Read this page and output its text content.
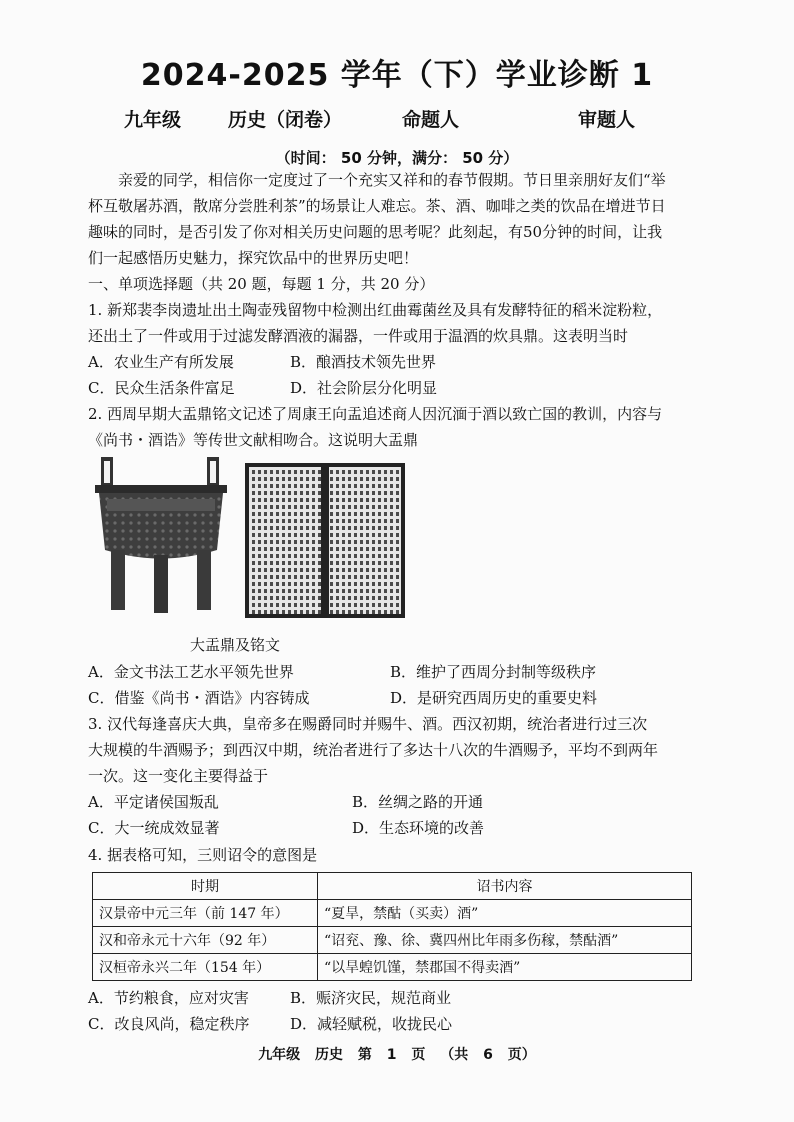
2024-2025 学年（下）学业诊断 1
九年级 历史（闭卷）	命题人	审题人
（时间： 50 分钟，满分： 50 分）
亲爱的同学，相信你一定度过了一个充实又祥和的春节假期。节日里亲朋好友们“举
杯互敬屠苏酒，散席分尝胜利茶”的场景让人难忘。茶、酒、咖啡之类的饮品在增进节日
趣味的同时，是否引发了你对相关历史问题的思考呢？此刻起，有50分钟的时间，让我
们一起感悟历史魅力，探究饮品中的世界历史吧！
一、单项选择题（共 20 题，每题 1 分，共 20 分）
1. 新郑裴李岗遗址出土陶壶残留物中检测出红曲霉菌丝及具有发酵特征的稻米淀粉粒，
还出土了一件或用于过滤发酵酒液的漏器，一件或用于温酒的炊具鼎。这表明当时
A．农业生产有所发展	B．酿酒技术领先世界
C．民众生活条件富足	D．社会阶层分化明显
2. 西周早期大盂鼎铭文记述了周康王向盂追述商人因沉湎于酒以致亡国的教训，内容与
《尚书・酒诰》等传世文献相吻合。这说明大盂鼎
大盂鼎及铭文
A．金文书法工艺水平领先世界	B．维护了西周分封制等级秩序
C．借鉴《尚书・酒诰》内容铸成	D．是研究西周历史的重要史料
3. 汉代每逢喜庆大典，皇帝多在赐爵同时并赐牛、酒。西汉初期，统治者进行过三次
大规模的牛酒赐予；到西汉中期，统治者进行了多达十八次的牛酒赐予，平均不到两年
一次。这一变化主要得益于
A．平定诸侯国叛乱	B．丝绸之路的开通
C．大一统成效显著	D．生态环境的改善
4. 据表格可知，三则诏令的意图是
时期	诏书内容
汉景帝中元三年（前 147 年）	“夏旱，禁酤（买卖）酒”
汉和帝永元十六年（92 年）	“诏兖、豫、徐、冀四州比年雨多伤稼，禁酤酒”
汉桓帝永兴二年（154 年）	“以旱蝗饥馑，禁郡国不得卖酒”
A．节约粮食，应对灾害	B．赈济灾民，规范商业
C．改良风尚，稳定秩序	D．减轻赋税，收拢民心
九年级 历史 第 1 页 （共 6 页）
